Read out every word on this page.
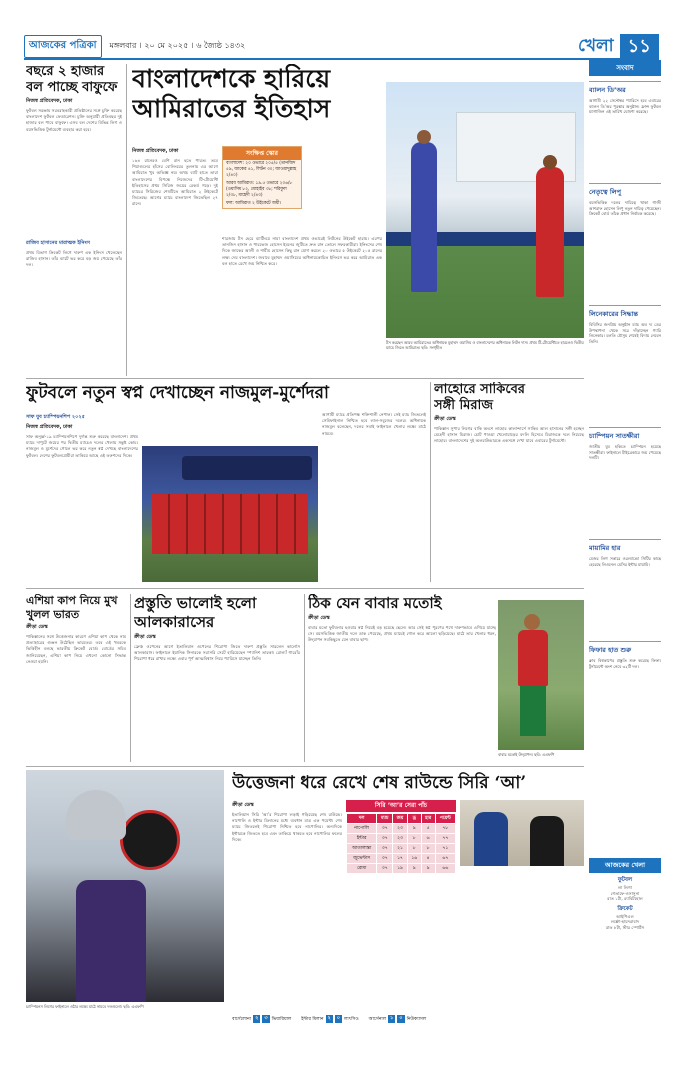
আজকের পত্রিকা	মঙ্গলবার । ২০ মে ২০২৫ । ৬ জ্যৈষ্ঠ ১৪৩২	খেলা ১১
বছরে ২ হাজার বল পাচ্ছে বাফুফে
নিজস্ব প্রতিবেদক, ঢাকা
ফুটবল সরঞ্জাম সরবরাহকারী প্রতিষ্ঠানের সঙ্গে চুক্তি করেছে বাংলাদেশ ফুটবল ফেডারেশন। চুক্তি অনুযায়ী প্রতিবছর দুই হাজার বল পাবে বাফুফে। এসব বল দেশের বিভিন্ন লিগ ও বয়সভিত্তিক টুর্নামেন্টে ব্যবহার করা হবে।
রাজিব হাসানের মারাত্মক ইনিংস
প্রথম বিভাগ ক্রিকেট লিগে দারুণ এক ইনিংস খেলেছেন রাজিব হাসান। তাঁর ব্যাটে ভর করে বড় জয় পেয়েছে তাঁর দল।
বাংলাদেশকে হারিয়ে
আমিরাতের ইতিহাস
নিজস্ব প্রতিবেদক, ঢাকা
১৬৪ রানেরও বেশি রান হতে পারত। তবে শিয়াগুলের হাঁসের বোলিংয়ের তুলনায় এর আগে আমিরাত খুব অভিজ্ঞ নয়। অথচ ব্যাট হাতে তারা বাংলাদেশের বিপক্ষে নিজেদের টি-টোয়েন্টি ইতিহাসের প্রথম সিরিজ জয়ের রেকর্ড গড়ে। দুই ম্যাচের সিরিজের শেষটিতে আমিরাত ২ উইকেটে জিতেছে। আগের ম্যাচে বাংলাদেশ জিতেছিল ২৭ রানে।
সংক্ষিপ্ত স্কোর
বাংলাদেশ: ২০ ওভারে ২০৫/৫ (তানজিদ ৫৯, জাকের ৪১, লিটন ৩০; জাওয়াদুল্লাহ ২/৪০)
আরব আমিরাত: ১৯.৫ ওভারে ২০৬/৮ (ওয়াসিম ৮২, যোহাইব ৩৮; শরিফুল ২/৩৮, মাহেদী ২/৪৩)
ফল: আমিরাত ২ উইকেটে জয়ী।
শারজায় টস হেরে ব্যাটিংয়ে নামা বাংলাদেশ প্রথম ওভারেই লিটনের উইকেট হারায়। এরপর তানজিদ হাসান ও পারভেজ হোসেন ইমনের জুটিতে দ্রুত রান তোলে সফরকারীরা। ইনিংসের শেষ দিকে জাকের আলী ও শামীম হোসেন কিছু রান যোগ করলে ২০ ওভারে ৫ উইকেটে ২০৫ রানের লক্ষ্য দেয় বাংলাদেশ। জবাবে মুহাম্মদ ওয়াসিমের অধিনায়কোচিত ইনিংসে ভর করে আমিরাত এক বল হাতে রেখে জয় নিশ্চিত করে।
টস করছেন আরব আমিরাতের অধিনায়ক মুহাম্মদ ওয়াসিম ও বাংলাদেশের অধিনায়ক লিটন দাস। প্রথম টি-টোয়েন্টিতে হারলেও দ্বিতীয় ম্যাচে জিতে আমিরাত। ছবি: সংগৃহীত
ফুটবলে নতুন স্বপ্ন দেখাচ্ছেন নাজমুল-মুর্শেদরা
সাফ যুব চ্যাম্পিয়নশিপ ২০২৫
নিজস্ব প্রতিবেদক, ঢাকা
সাফ অনূর্ধ্ব-১৯ চ্যাম্পিয়নশিপে দুর্দান্ত শুরু করেছে বাংলাদেশ। প্রথম ম্যাচে দাপুটে জয়ের পর দ্বিতীয় ম্যাচেও দলের খেলায় সন্তুষ্ট কোচ। নাজমুল ও মুর্শেদের গোলে ভর করে নতুন স্বপ্ন দেখছে বাংলাদেশের ফুটবল। দেশের ফুটবলপ্রেমীরা তাকিয়ে আছে এই তরুণদের দিকে।
আগামী ম্যাচে প্রতিপক্ষ শক্তিশালী নেপাল। সেই ম্যাচ জিতলেই সেমিফাইনাল নিশ্চিত হবে লাল-সবুজের দলের। অধিনায়ক নাজমুল বলেছেন, দলের সবাই ফাইনালে খেলার লক্ষ্যে মাঠে নামবে।
লাহোরে সাকিবের
সঙ্গী মিরাজ
ক্রীড়া ডেস্ক
পাকিস্তান সুপার লিগের বাকি অংশে লাহোর কালান্দার্সে সাকিব আল হাসানের সঙ্গী হচ্ছেন মেহেদী হাসান মিরাজ। চোট পাওয়া খেলোয়াড়ের বদলি হিসেবে মিরাজকে দলে নিয়েছে লাহোর। বাংলাদেশের দুই অলরাউন্ডারকে একসঙ্গে দেখা যাবে এবারের টুর্নামেন্টে।
এশিয়া কাপ নিয়ে মুখ খুলল ভারত
ক্রীড়া ডেস্ক
পাকিস্তানের সঙ্গে উত্তেজনার কারণে এশিয়া কাপ থেকে নাম প্রত্যাহারের গুঞ্জন উঠেছিল ভারতের। তবে এই খবরকে ভিত্তিহীন বলছে ভারতীয় ক্রিকেট বোর্ড। বোর্ডের সচিব জানিয়েছেন, এশিয়া কাপ নিয়ে এখনো কোনো সিদ্ধান্ত নেওয়া হয়নি।
প্রস্তুতি ভালোই হলো
আলকারাসের
ক্রীড়া ডেস্ক
ফ্রেঞ্চ ওপেনের আগে ইতালিয়ান ওপেনের শিরোপা জিতে দারুণ প্রস্তুতি সারলেন কার্লোস আলকারাস। ফাইনালে ইয়ানিক সিনারকে সরাসরি সেটে হারিয়েছেন স্প্যানিশ তারকা। রোল্যাঁ গারোঁর শিরোপা ধরে রাখার লক্ষ্যে এবার পূর্ণ আত্মবিশ্বাস নিয়ে প্যারিসে যাচ্ছেন তিনি।
ঠিক যেন বাবার মতোই
ক্রীড়া ডেস্ক
বাবার মতো ফুটবলার হওয়ার স্বপ্ন নিয়েই বড় হয়েছে ছেলে। আর সেই স্বপ্ন পূরণের পথে দারুণভাবে এগিয়ে যাচ্ছে সে। বয়সভিত্তিক জাতীয় দলে ডাক পেয়েছে, প্রথম ম্যাচেই গোল করে আলো ছড়িয়েছে। মাঠে তার খেলার ধরন, উদ্‌যাপন সবকিছুতে যেন বাবার ছাপ।
বাবার মতোই উদ্‌যাপন। ছবি: এএফপি
চ্যাম্পিয়নস লিগের ফাইনালে ওঠার লক্ষ্যে মাঠে নামবে দলগুলো। ছবি: এএফপি
উত্তেজনা ধরে রেখে শেষ রাউন্ডে সিরি ‘আ’
ক্রীড়া ডেস্ক
ইতালিয়ান সিরি ‘আ’র শিরোপা লড়াই গড়িয়েছে শেষ রাউন্ডে। নাপোলি ও ইন্টার মিলানের মধ্যে ব্যবধান মাত্র এক পয়েন্ট। শেষ ম্যাচে জিতলেই শিরোপা নিশ্চিত হবে নাপোলির। অন্যদিকে ইন্টারকে জিততে হবে এবং তাকিয়ে থাকতে হবে নাপোলির ফলের দিকে।
সিরি ‘আ’র সেরা পাঁচ
দল	ম্যাচ	জয়	ড্র	হার	পয়েন্ট
নাপোলি	৩৭	২৩	৯	৫	৭৮
ইন্টার	৩৭	২৩	৮	৬	৭৭
আতালান্তা	৩৭	২১	৮	৮	৭১
জুভেন্টাস	৩৭	১৭	১৬	৪	৬৭
রোমা	৩৭	১৯	৯	৯	৬৬
বার্সেলোনা ২	৩ ভিয়ারিয়াল ইন্টার মিলান ২	০ লাৎসিও আর্সেনাল ১	০ নিউক্যাসল
সংবাদ
ব্যালন ডি’অর
আগামী ২২ সেপ্টেম্বর প্যারিসে হবে এবারের ব্যালন ডি’অর পুরস্কার অনুষ্ঠান। ফ্রান্স ফুটবল ম্যাগাজিন এই তারিখ ঘোষণা করেছে।
নেতৃত্বে লিপু
বয়সভিত্তিক দলের দায়িত্বে থাকা গাজী আশরাফ হোসেন লিপু নতুন দায়িত্ব পেয়েছেন। ক্রিকেট বোর্ড তাঁকে প্রধান নির্বাচক করেছে।
লিনেকারের সিদ্ধান্ত
বিবিসির জনপ্রিয় অনুষ্ঠান ম্যাচ অব দ্য ডের উপস্থাপনা থেকে সরে দাঁড়াচ্ছেন গ্যারি লিনেকার। চলতি মৌসুম শেষেই বিদায় নেবেন তিনি।
চ্যাম্পিয়ন সাতক্ষীরা
জাতীয় যুব হকিতে চ্যাম্পিয়ন হয়েছে সাতক্ষীরা। ফাইনালে টাইব্রেকারে জয় পেয়েছে দলটি।
মায়ামির হার
মেজর লিগ সকারে ওরল্যান্ডো সিটির কাছে হেরেছে লিওনেল মেসির ইন্টার মায়ামি।
ফিফার হাত শুরু
ক্লাব বিশ্বকাপের প্রস্তুতি শুরু করেছে ফিফা। টুর্নামেন্টে অংশ নেবে ৩২টি দল।
আজকের খেলা
ফুটবল
লা লিগা
গেতাফে-ওসাসুনা
রাত ১টা, র‌্যাবিটহোল
ক্রিকেট
আইপিএল
লক্ষ্ণৌ-হায়দরাবাদ
রাত ৮টা, স্টার স্পোর্টস
